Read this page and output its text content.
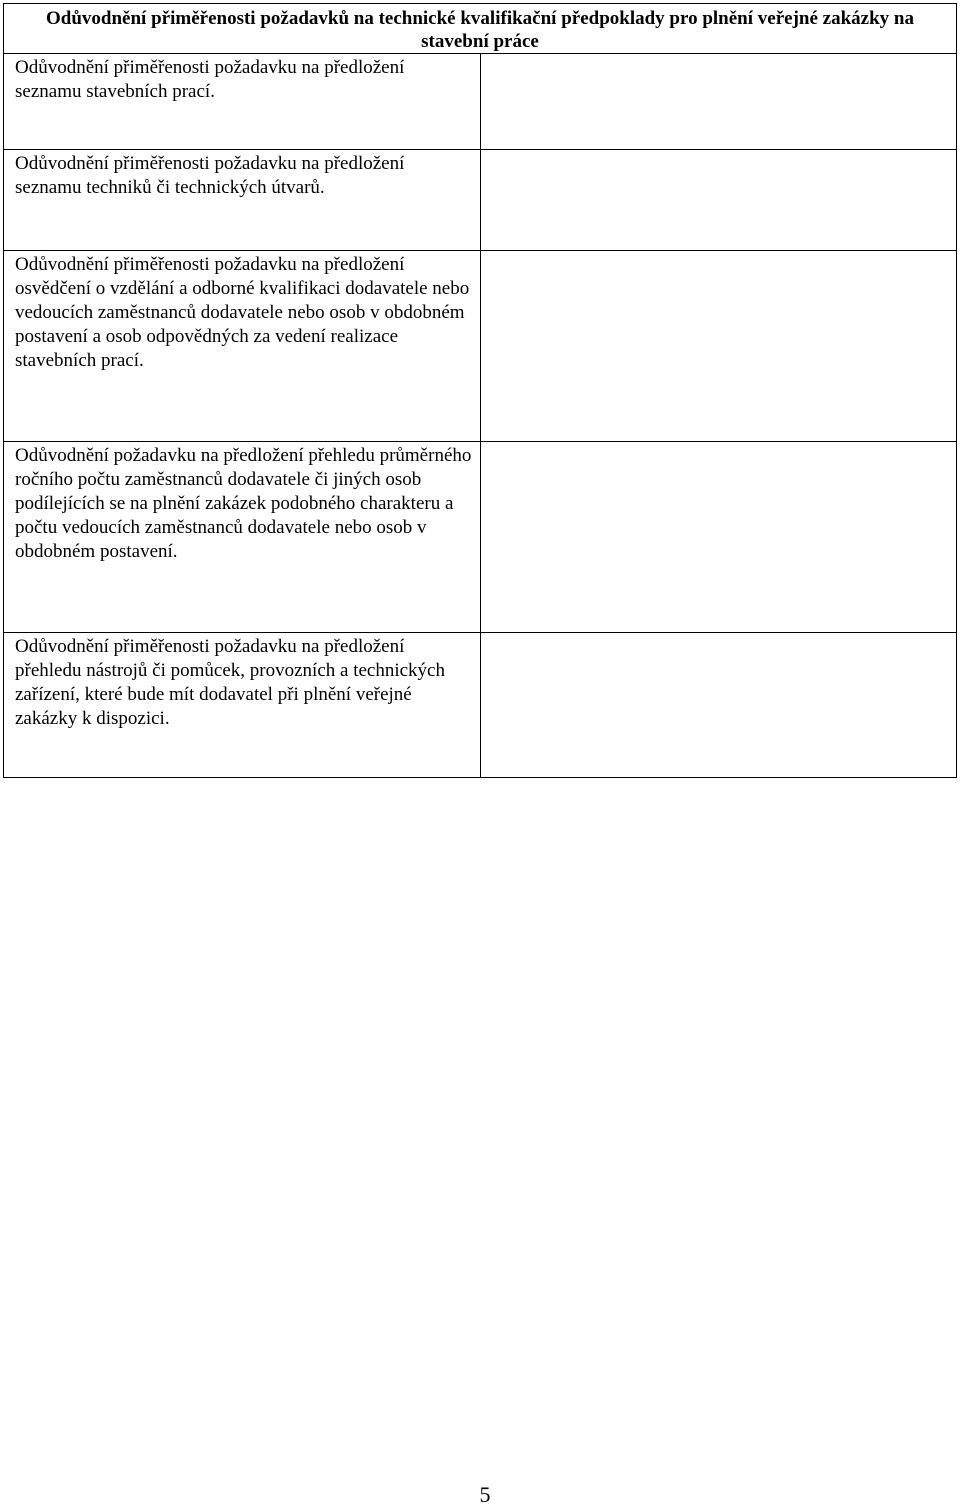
Odůvodnění přiměřenosti požadavků na technické kvalifikační předpoklady pro plnění veřejné zakázky na stavební práce	
Odůvodnění přiměřenosti požadavku na předložení seznamu stavebních prací.	
Odůvodnění přiměřenosti požadavku na předložení seznamu techniků či technických útvarů.	
Odůvodnění přiměřenosti požadavku na předložení osvědčení o vzdělání a odborné kvalifikaci dodavatele nebo vedoucích zaměstnanců dodavatele nebo osob v obdobném postavení a osob odpovědných za vedení realizace stavebních prací.	
Odůvodnění požadavku na předložení přehledu průměrného ročního počtu zaměstnanců dodavatele či jiných osob podílejících se na plnění zakázek podobného charakteru a počtu vedoucích zaměstnanců dodavatele nebo osob v obdobném postavení.	
Odůvodnění přiměřenosti požadavku na předložení přehledu nástrojů či pomůcek, provozních a technických zařízení, které bude mít dodavatel při plnění veřejné zakázky k dispozici.	
5
